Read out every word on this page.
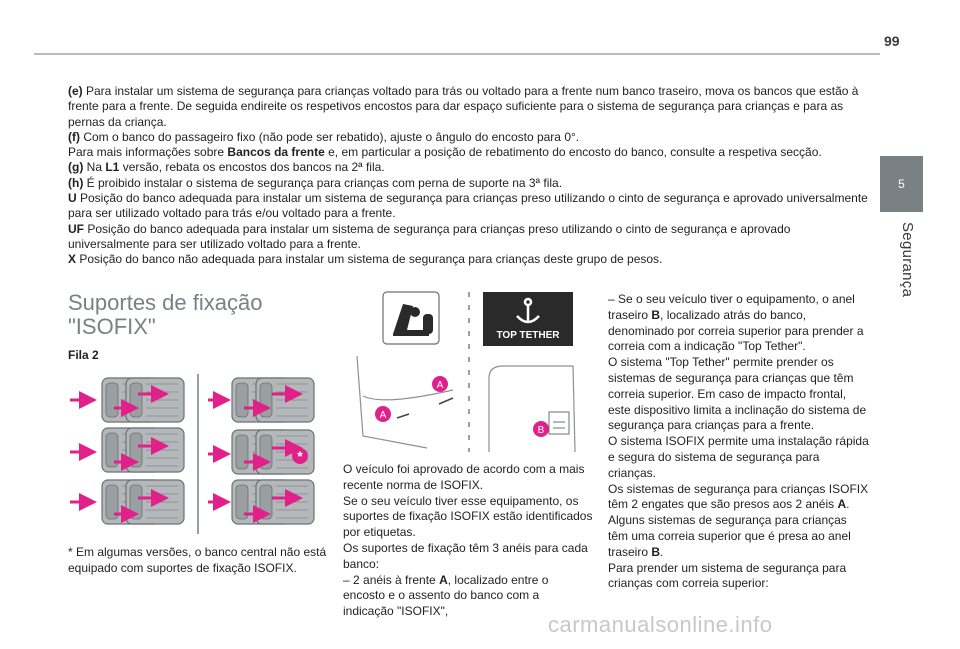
99
5
Segurança

(e) Para instalar um sistema de segurança para crianças voltado para trás ou voltado para a frente num banco traseiro, mova os bancos que estão à frente para a frente. De seguida endireite os respetivos encostos para dar espaço suficiente para o sistema de segurança para crianças e para as pernas da criança.

(f) Com o banco do passageiro fixo (não pode ser rebatido), ajuste o ângulo do encosto para 0°.

Para mais informações sobre Bancos da frente e, em particular a posição de rebatimento do encosto do banco, consulte a respetiva secção.

(g) Na L1 versão, rebata os encostos dos bancos na 2ª fila.

(h) É proibido instalar o sistema de segurança para crianças com perna de suporte na 3ª fila.

U Posição do banco adequada para instalar um sistema de segurança para crianças preso utilizando o cinto de segurança e aprovado universalmente para ser utilizado voltado para trás e/ou voltado para a frente.

UF Posição do banco adequada para instalar um sistema de segurança para crianças preso utilizando o cinto de segurança e aprovado universalmente para ser utilizado voltado para a frente.

X Posição do banco não adequada para instalar um sistema de segurança para crianças deste grupo de pesos.

Suportes de fixação
"ISOFIX"
Fila 2
*
* Em algumas versões, o banco central não está equipado com suportes de fixação ISOFIX.
TOP TETHER
A
A
B

O veículo foi aprovado de acordo com a mais recente norma de ISOFIX.

Se o seu veículo tiver esse equipamento, os suportes de fixação ISOFIX estão identificados por etiquetas.

Os suportes de fixação têm 3 anéis para cada banco:

– 2 anéis à frente A, localizado entre o encosto e o assento do banco com a indicação "ISOFIX",

– Se o seu veículo tiver o equipamento, o anel traseiro B, localizado atrás do banco, denominado por correia superior para prender a correia com a indicação "Top Tether".

O sistema "Top Tether" permite prender os sistemas de segurança para crianças que têm correia superior. Em caso de impacto frontal, este dispositivo limita a inclinação do sistema de segurança para crianças para a frente.

O sistema ISOFIX permite uma instalação rápida e segura do sistema de segurança para crianças.

Os sistemas de segurança para crianças ISOFIX têm 2 engates que são presos aos 2 anéis A.

Alguns sistemas de segurança para crianças têm uma correia superior que é presa ao anel traseiro B.

Para prender um sistema de segurança para crianças com correia superior:

carmanualsonline.info
